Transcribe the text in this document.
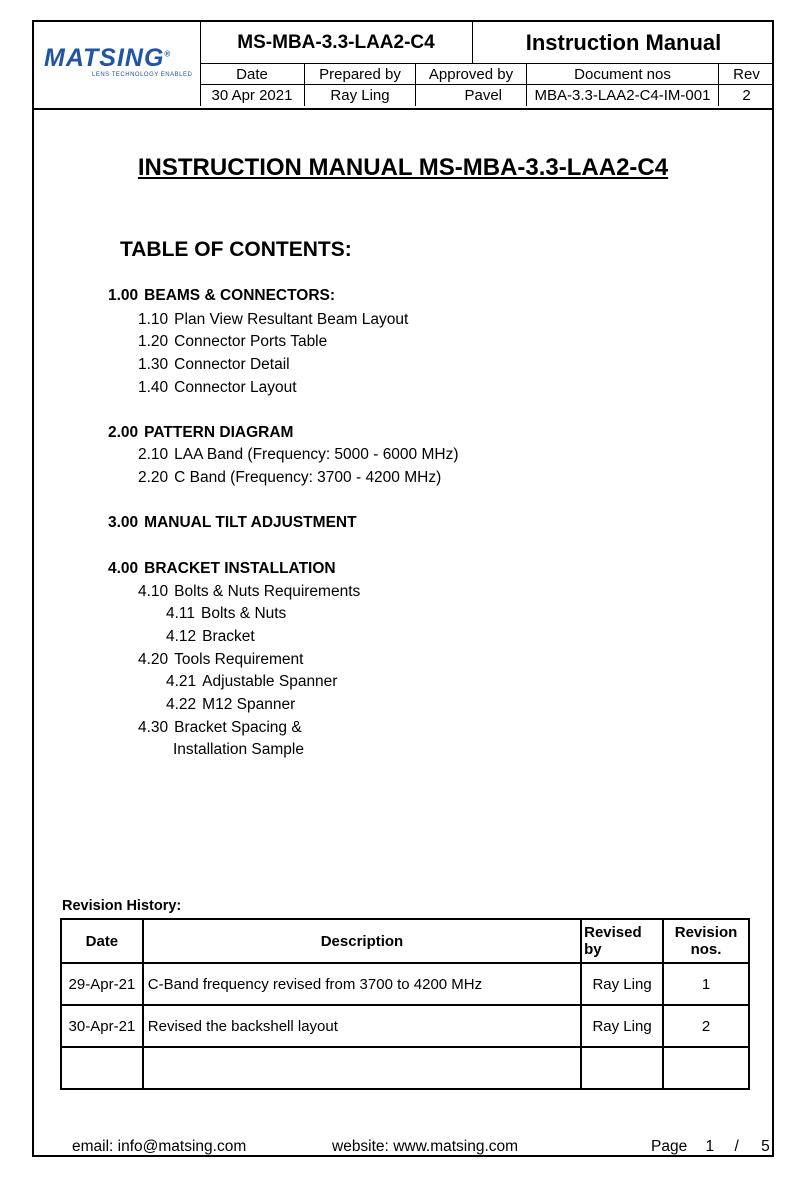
MATSING®
LENS TECHNOLOGY ENABLED
MS-MBA-3.3-LAA2-C4	Instruction Manual
Date	Prepared by	Approved by	Document nos	Rev
30 Apr 2021	Ray Ling	Pavel	MBA-3.3-LAA2-C4-IM-001	2
INSTRUCTION MANUAL MS-MBA-3.3-LAA2-C4
TABLE OF CONTENTS:
1.00 BEAMS & CONNECTORS:
1.10 Plan View Resultant Beam Layout
1.20 Connector Ports Table
1.30 Connector Detail
1.40 Connector Layout
2.00 PATTERN DIAGRAM
2.10 LAA Band (Frequency: 5000 - 6000 MHz)
2.20 C Band (Frequency: 3700 - 4200 MHz)
3.00 MANUAL TILT ADJUSTMENT
4.00 BRACKET INSTALLATION
4.10 Bolts & Nuts Requirements
4.11 Bolts & Nuts
4.12 Bracket
4.20 Tools Requirement
4.21 Adjustable Spanner
4.22 M12 Spanner
4.30 Bracket Spacing &
Installation Sample
Revision History:
Date	Description	Revised by	Revision nos.
29-Apr-21	C-Band frequency revised from 3700 to 4200 MHz	Ray Ling	1
30-Apr-21	Revised the backshell layout	Ray Ling	2

email: info@matsing.com	website: www.matsing.com	Page 1 / 5
